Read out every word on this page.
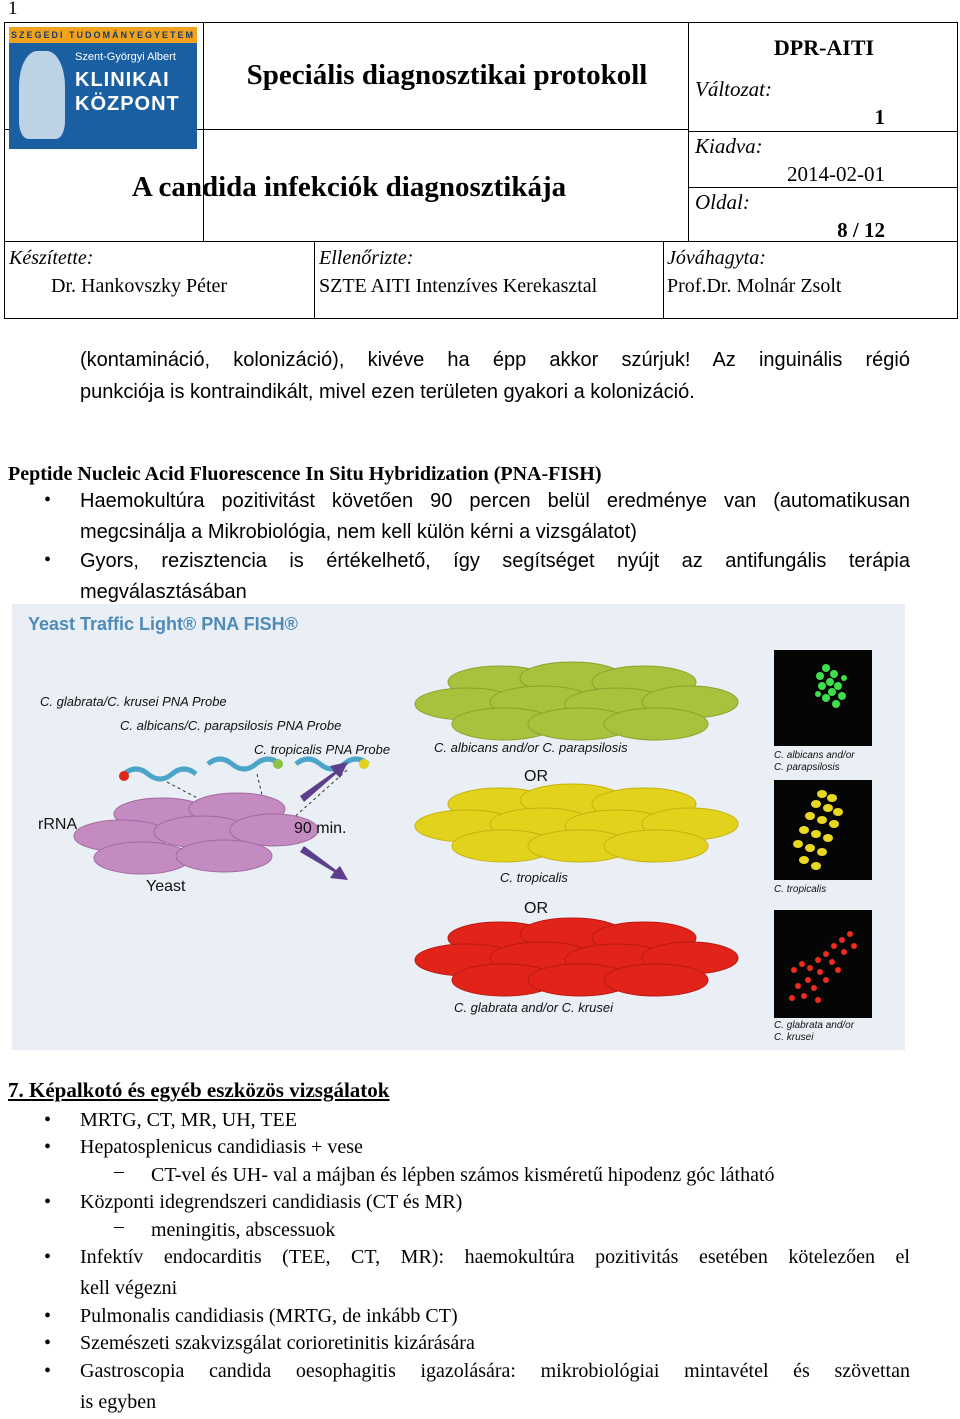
1
SZEGEDI TUDOMÁNYEGYETEM
Szent-Györgyi Albert
KLINIKAI
KÖZPONT
Speciális diagnosztikai protokoll
A candida infekciók diagnosztikája
DPR-AITI
Változat:
1
Kiadva:
2014-02-01
Oldal:
8 / 12
Készítette:
Dr. Hankovszky Péter
Ellenőrizte:
SZTE AITI Intenzíves Kerekasztal
Jóváhagyta:
Prof.Dr. Molnár Zsolt
(kontamináció, kolonizáció), kivéve ha épp akkor szúrjuk! Az inguinális régió
punkciója is kontraindikált, mivel ezen területen gyakori a kolonizáció.
Peptide Nucleic Acid Fluorescence In Situ Hybridization (PNA-FISH)
• Haemokultúra pozitivitást követően 90 percen belül eredménye van (automatikusan
megcsinálja a Mikrobiológia, nem kell külön kérni a vizsgálatot)
• Gyors, rezisztencia is értékelhető, így segítséget nyújt az antifungális terápia
megválasztásában
Yeast Traffic Light® PNA FISH®
C. glabrata/C. krusei PNA Probe
C. albicans/C. parapsilosis PNA Probe
C. tropicalis PNA Probe
rRNA
Yeast
90 min.
C. albicans and/or C. parapsilosis
OR
C. tropicalis
OR
C. glabrata and/or C. krusei
C. albicans and/or
C. parapsilosis
C. tropicalis
C. glabrata and/or
C. krusei
7. Képalkotó és egyéb eszközös vizsgálatok
• MRTG, CT, MR, UH, TEE
• Hepatosplenicus candidiasis + vese
– CT-vel és UH- val a májban és lépben számos kisméretű hipodenz góc látható
• Központi idegrendszeri candidiasis (CT és MR)
– meningitis, abscessuok
• Infektív endocarditis (TEE, CT, MR): haemokultúra pozitivitás esetében kötelezően el
kell végezni
• Pulmonalis candidiasis (MRTG, de inkább CT)
• Szemészeti szakvizsgálat corioretinitis kizárására
• Gastroscopia candida oesophagitis igazolására: mikrobiológiai mintavétel és szövettan
is egyben
